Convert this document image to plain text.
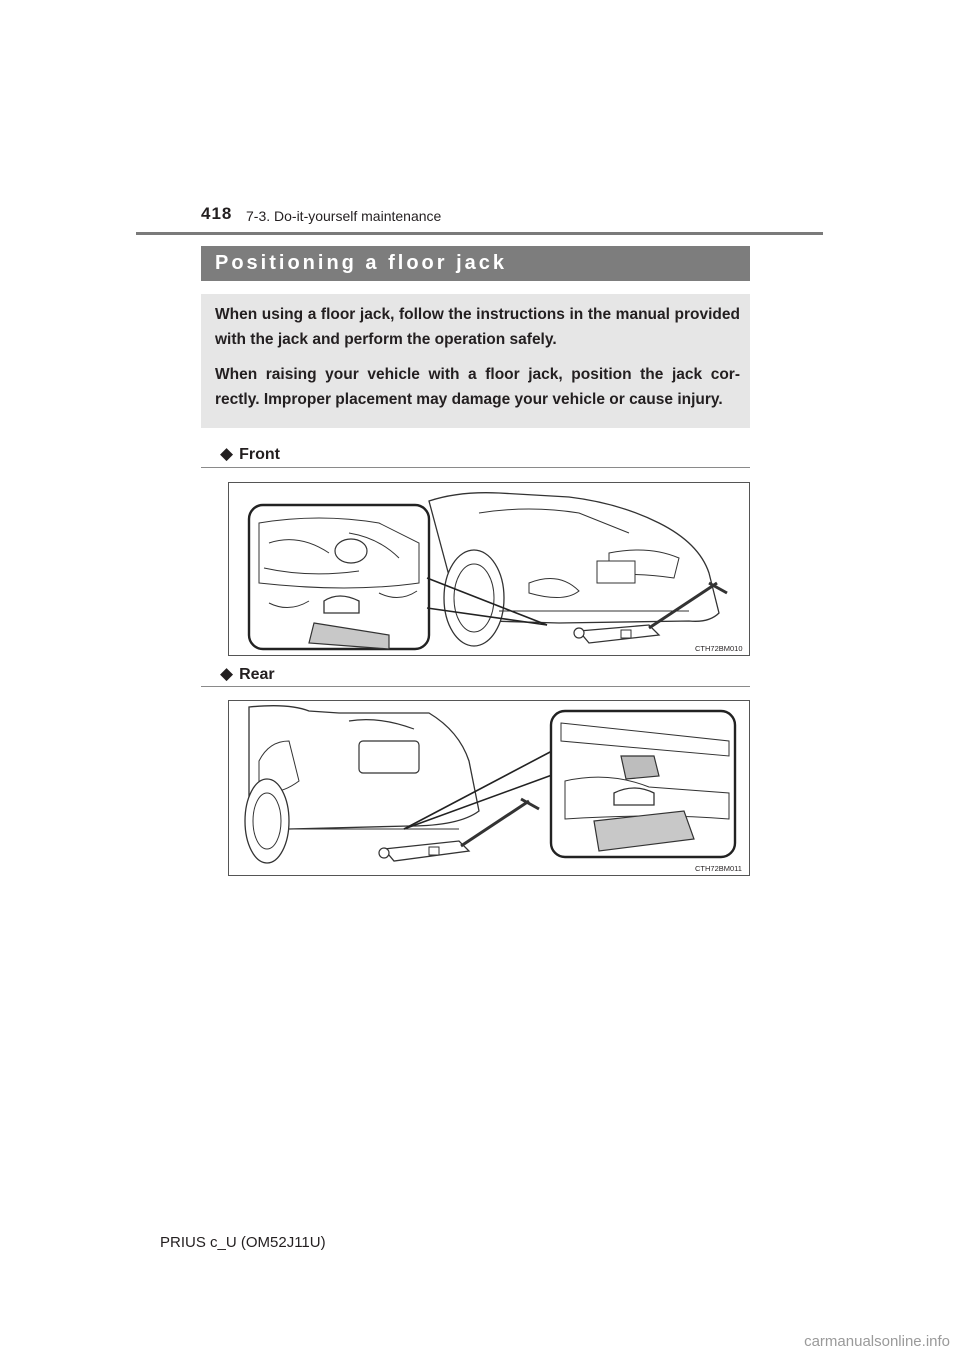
418 7-3. Do-it-yourself maintenance
Positioning a floor jack

When using a floor jack, follow the instructions in the manual provided with the jack and perform the operation safely.

When raising your vehicle with a floor jack, position the jack cor- rectly. Improper placement may damage your vehicle or cause injury.

◆ Front
CTH72BM010
◆ Rear
CTH72BM011
PRIUS c_U (OM52J11U)
carmanualsonline.info
